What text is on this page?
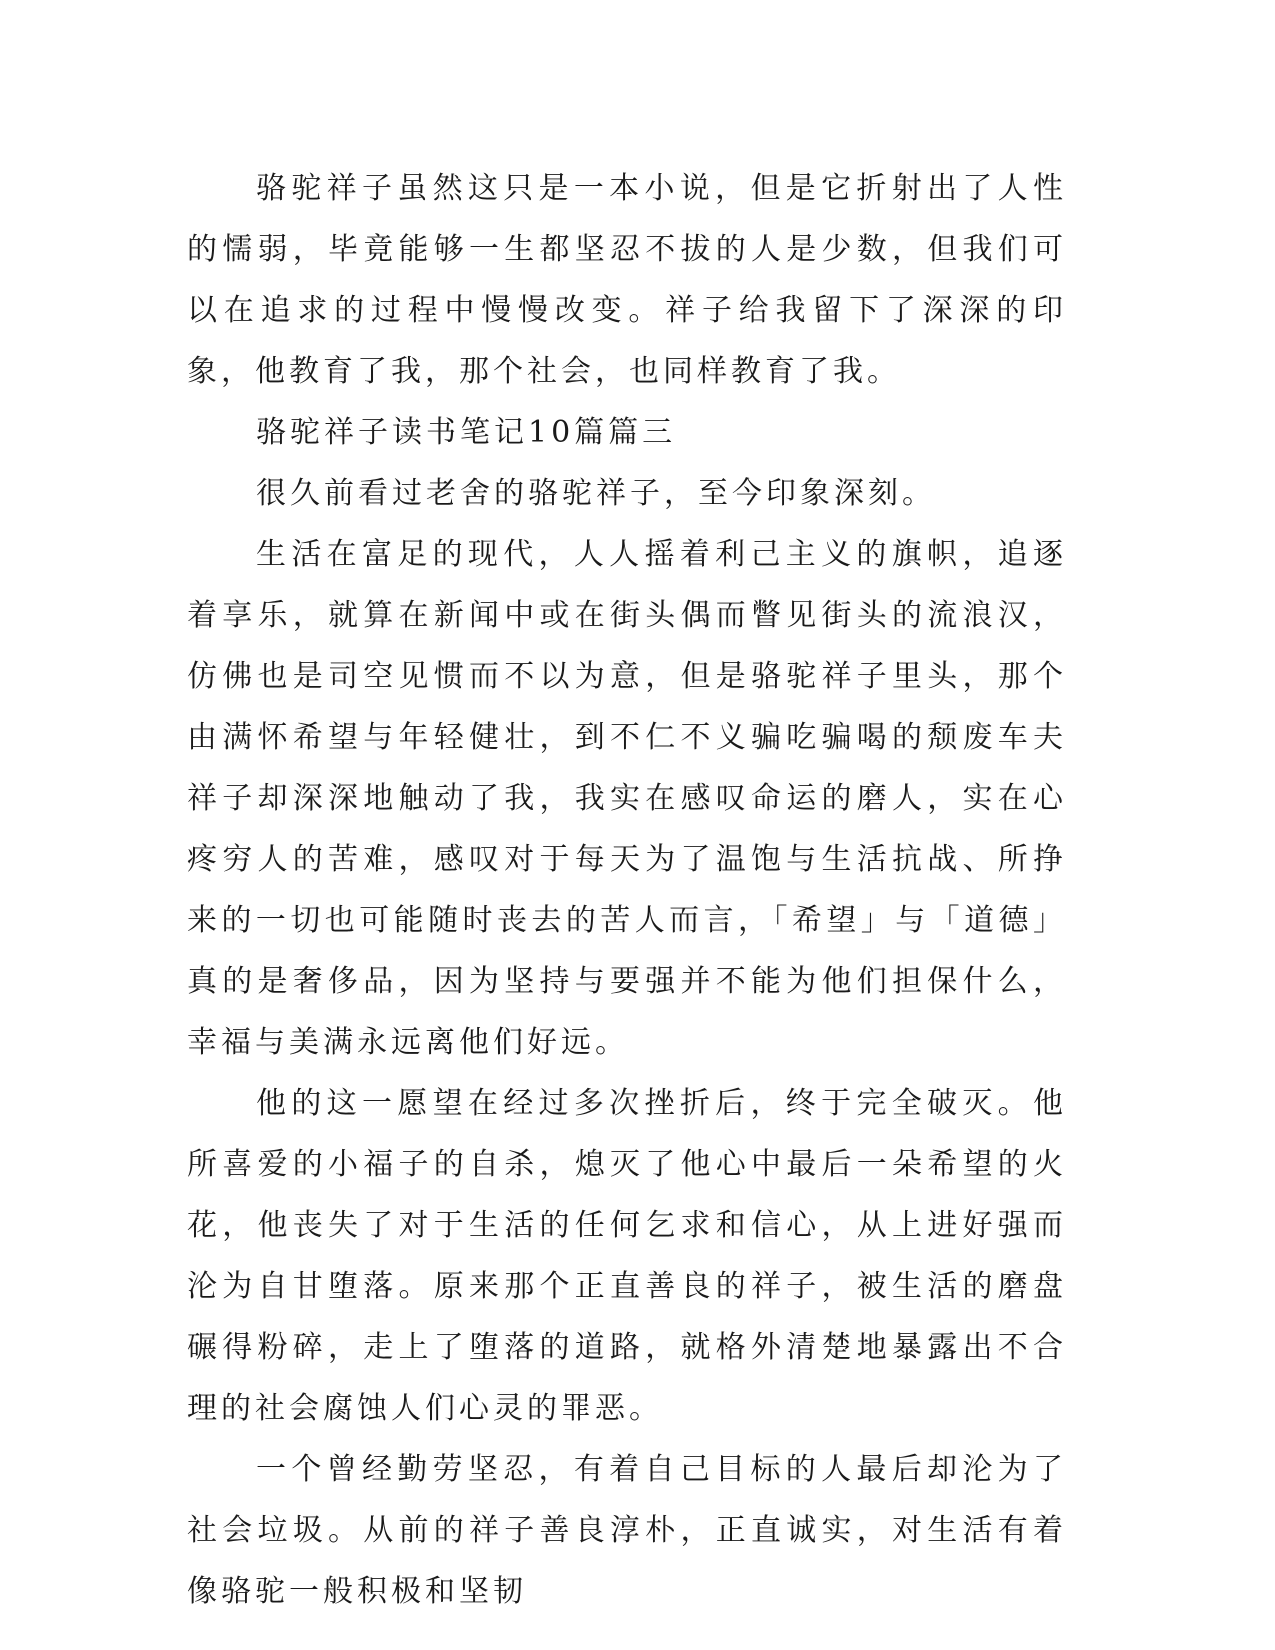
骆驼祥子虽然这只是一本小说，但是它折射出了人性的懦弱，毕竟能够一生都坚忍不拔的人是少数，但我们可以在追求的过程中慢慢改变。祥子给我留下了深深的印象，他教育了我，那个社会，也同样教育了我。

骆驼祥子读书笔记10篇篇三

很久前看过老舍的骆驼祥子，至今印象深刻。

生活在富足的现代，人人摇着利己主义的旗帜，追逐着享乐，就算在新闻中或在街头偶而瞥见街头的流浪汉，仿佛也是司空见惯而不以为意，但是骆驼祥子里头，那个由满怀希望与年轻健壮，到不仁不义骗吃骗喝的颓废车夫祥子却深深地触动了我，我实在感叹命运的磨人，实在心疼穷人的苦难，感叹对于每天为了温饱与生活抗战、所挣来的一切也可能随时丧去的苦人而言，「希望」与「道德」真的是奢侈品，因为坚持与要强并不能为他们担保什么，幸福与美满永远离他们好远。

他的这一愿望在经过多次挫折后，终于完全破灭。他所喜爱的小福子的自杀，熄灭了他心中最后一朵希望的火花，他丧失了对于生活的任何乞求和信心，从上进好强而沦为自甘堕落。原来那个正直善良的祥子，被生活的磨盘碾得粉碎，走上了堕落的道路，就格外清楚地暴露出不合理的社会腐蚀人们心灵的罪恶。

一个曾经勤劳坚忍，有着自己目标的人最后却沦为了社会垃圾。从前的祥子善良淳朴，正直诚实，对生活有着像骆驼一般积极和坚韧
